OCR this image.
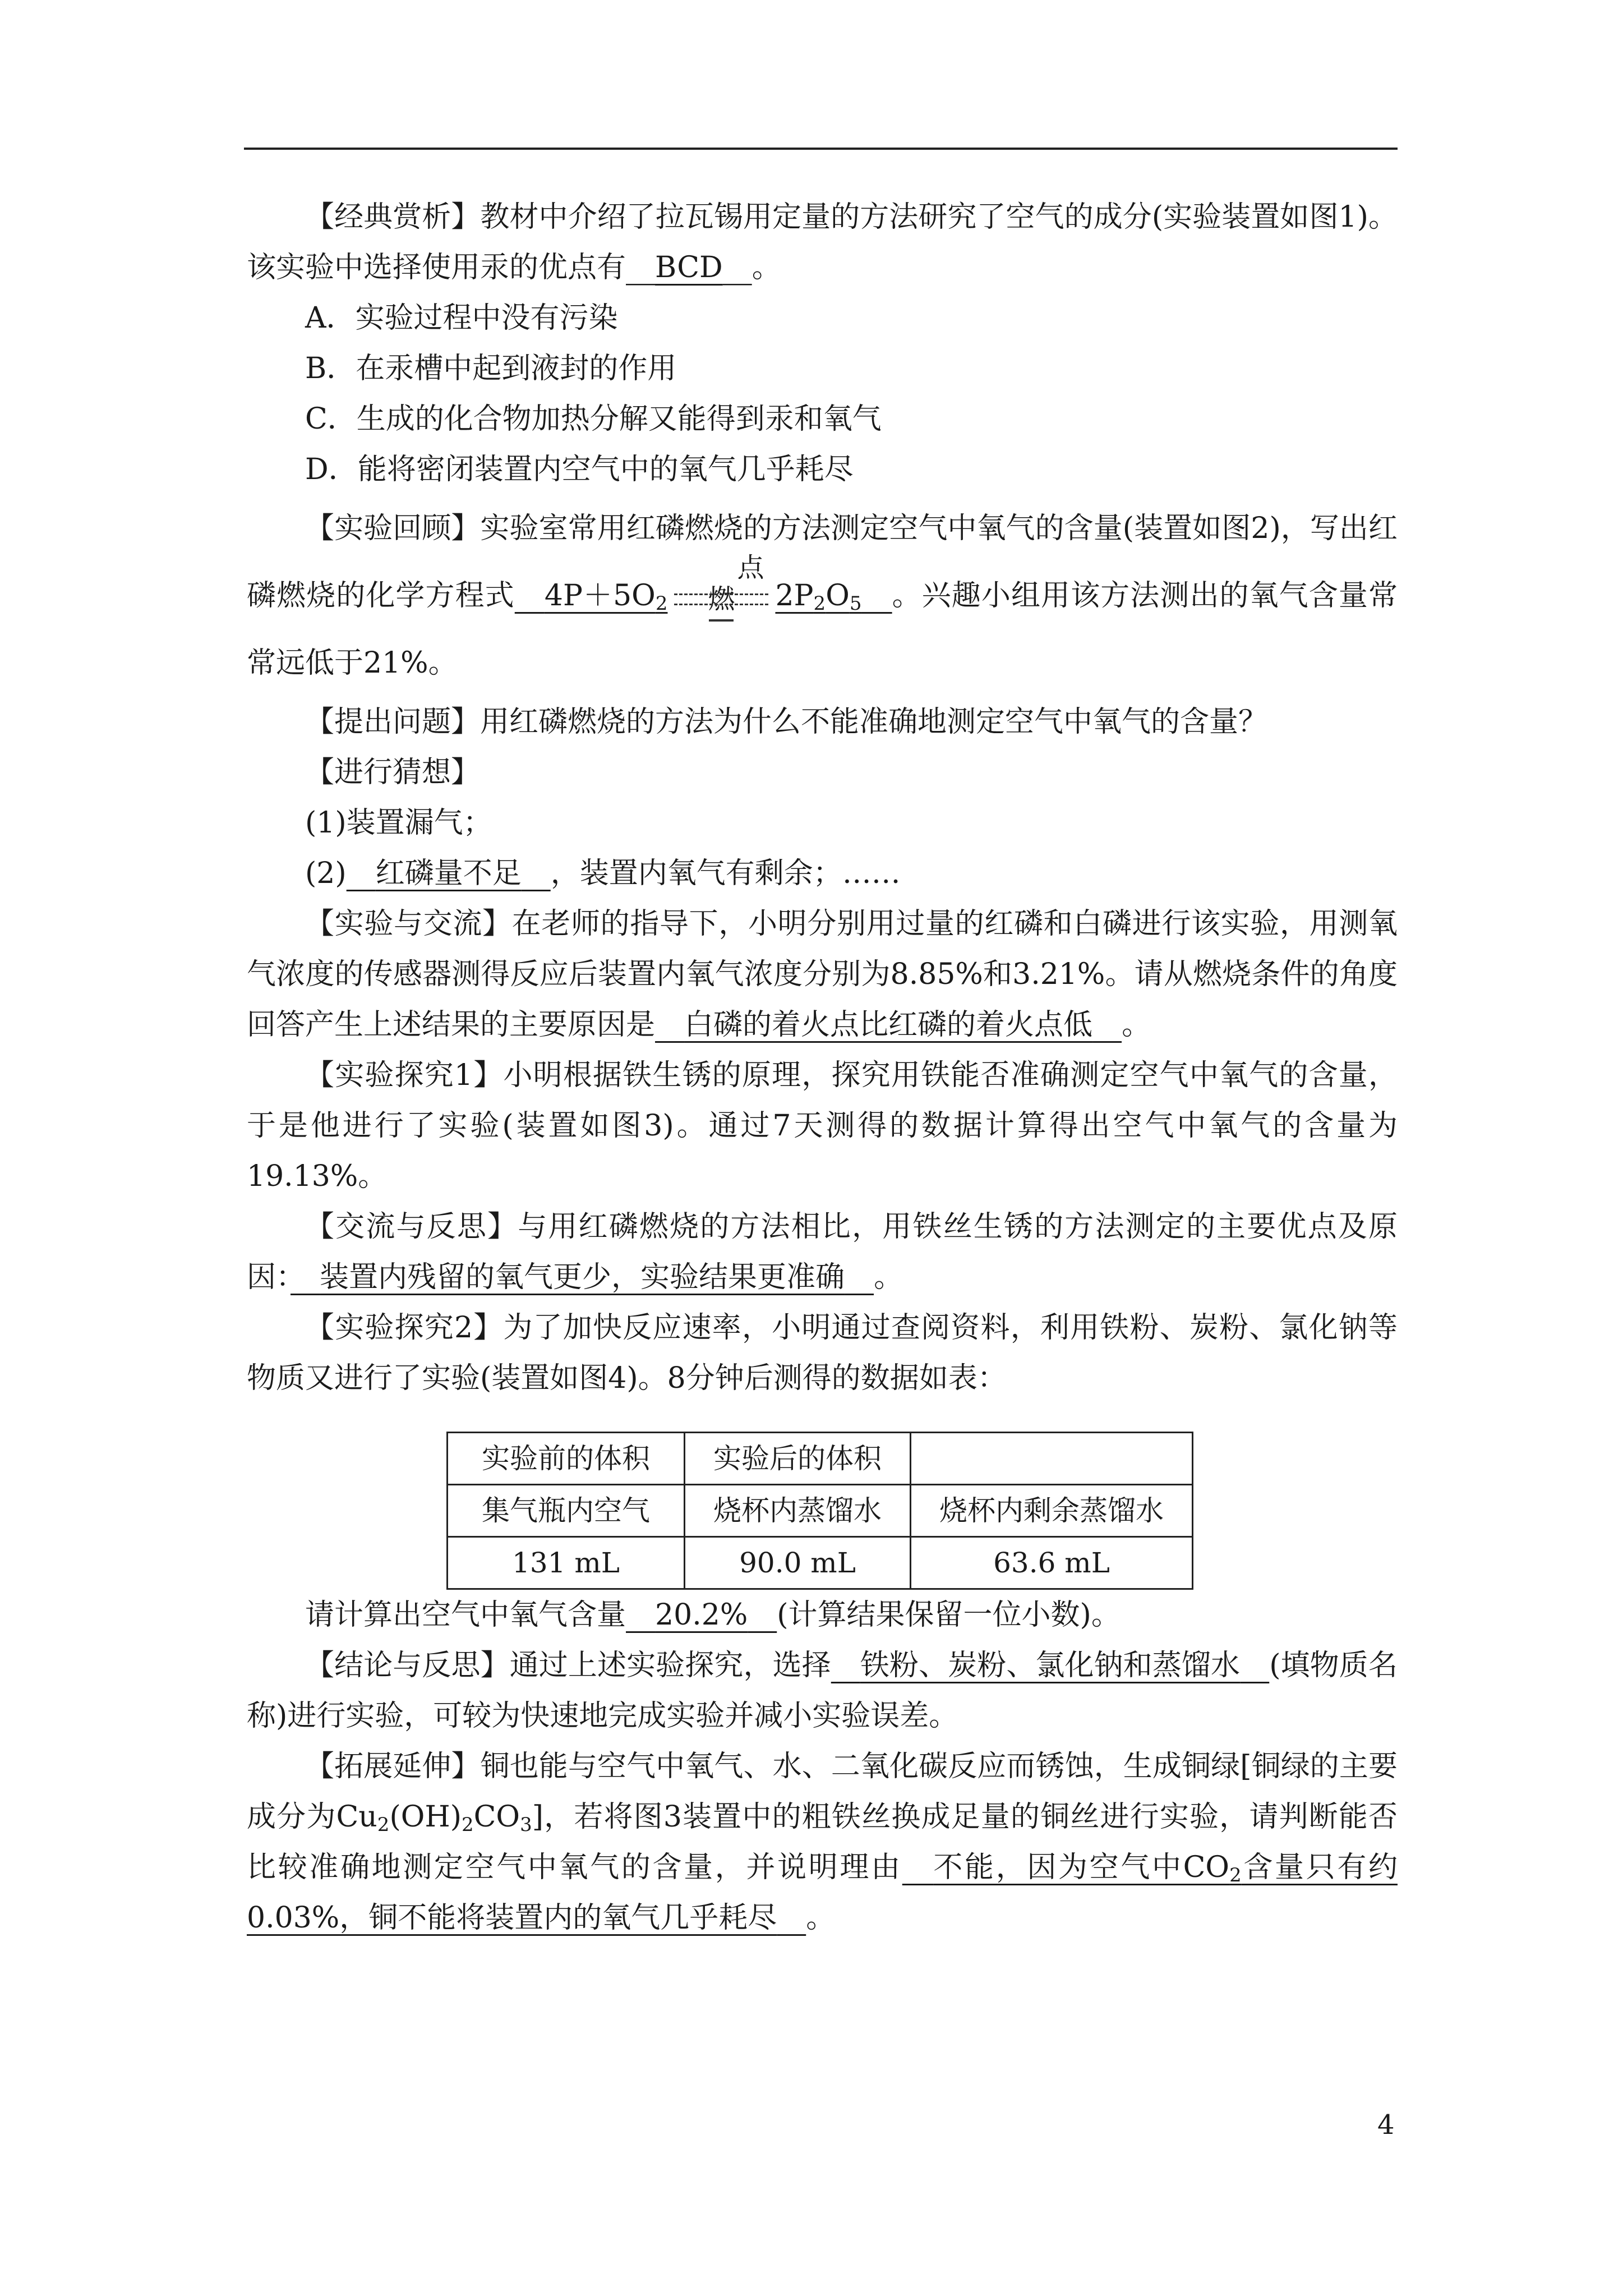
【经典赏析】教材中介绍了拉瓦锡用定量的方法研究了空气的成分(实验装置如图1)。该实验中选择使用汞的优点有　 BCD　 。

A．实验过程中没有污染

B．在汞槽中起到液封的作用

C．生成的化合物加热分解又能得到汞和氧气

D．能将密闭装置内空气中的氧气几乎耗尽

【实验回顾】实验室常用红磷燃烧的方法测定空气中氧气的含量(装置如图2)，写出红磷燃烧的化学方程式　 $4P+5O_2$
点燃	$2P_2O_5$　 。兴趣小组用该方法测出的氧气含量常常远低于21%。

【提出问题】用红磷燃烧的方法为什么不能准确地测定空气中氧气的含量？

【进行猜想】

(1)装置漏气；

(2)　 红磷量不足　 ，装置内氧气有剩余；……

【实验与交流】在老师的指导下，小明分别用过量的红磷和白磷进行该实验，用测氧气浓度的传感器测得反应后装置内氧气浓度分别为8.85%和3.21%。请从燃烧条件的角度回答产生上述结果的主要原因是　 白磷的着火点比红磷的着火点低　 。

【实验探究1】小明根据铁生锈的原理，探究用铁能否准确测定空气中氧气的含量，于是他进行了实验(装置如图3)。通过7天测得的数据计算得出空气中氧气的含量为19.13%。

【交流与反思】与用红磷燃烧的方法相比，用铁丝生锈的方法测定的主要优点及原因：　 装置内残留的氧气更少，实验结果更准确　 。

【实验探究2】为了加快反应速率，小明通过查阅资料，利用铁粉、炭粉、氯化钠等物质又进行了实验(装置如图4)。8分钟后测得的数据如表：

实验前的体积	实验后的体积	
集气瓶内空气	烧杯内蒸馏水	烧杯内剩余蒸馏水
131 mL	90.0 mL	63.6 mL

请计算出空气中氧气含量　 20.2%　 (计算结果保留一位小数)。

【结论与反思】通过上述实验探究，选择　 铁粉、炭粉、氯化钠和蒸馏水　 (填物质名称)进行实验，可较为快速地完成实验并减小实验误差。

【拓展延伸】铜也能与空气中氧气、水、二氧化碳反应而锈蚀，生成铜绿[铜绿的主要成分为$Cu_2(OH)_2CO_3$]，若将图3装置中的粗铁丝换成足量的铜丝进行实验，请判断能否比较准确地测定空气中氧气的含量，并说明理由　 不能，因为空气中$CO_2$含量只有约0.03%，铜不能将装置内的氧气几乎耗尽　 。

4
